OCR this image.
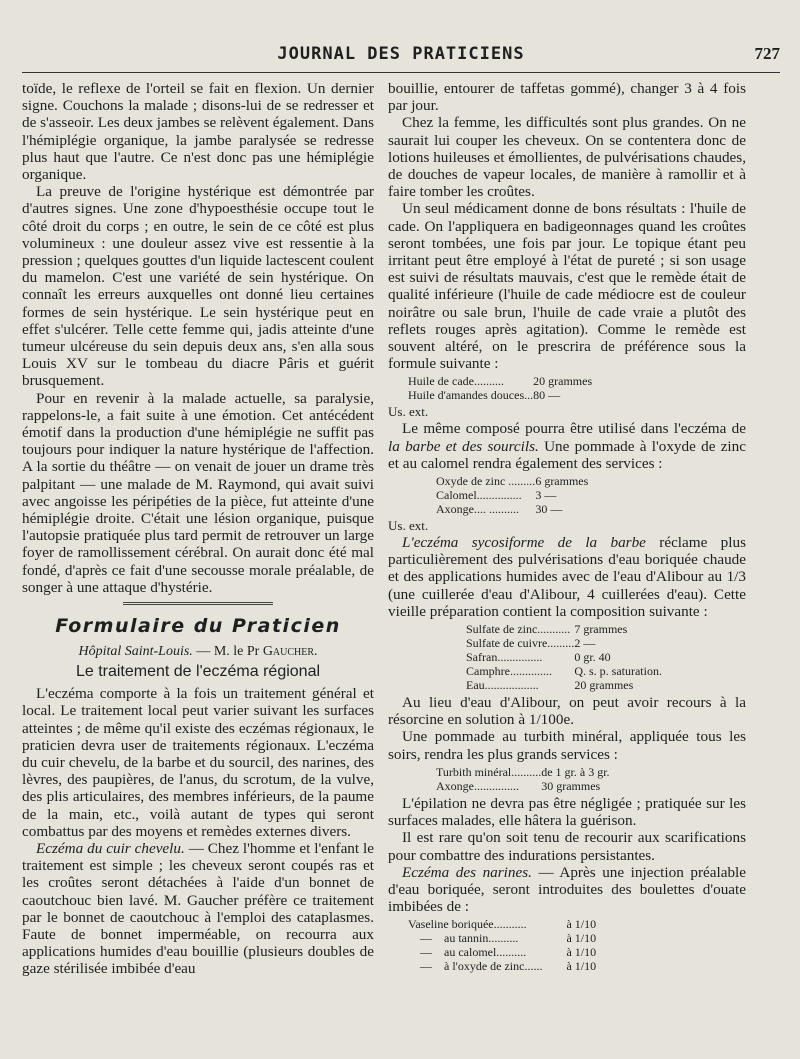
JOURNAL DES PRATICIENS	727

toïde, le reflexe de l'orteil se fait en flexion. Un dernier signe. Couchons la malade ; disons-lui de se redresser et de s'asseoir. Les deux jambes se relèvent également. Dans l'hémiplégie organique, la jambe paralysée se redresse plus haut que l'autre. Ce n'est donc pas une hémiplégie organique.

La preuve de l'origine hystérique est démontrée par d'autres signes. Une zone d'hypoesthésie occupe tout le côté droit du corps ; en outre, le sein de ce côté est plus volumineux : une douleur assez vive est ressentie à la pression ; quelques gouttes d'un liquide lactescent coulent du mamelon. C'est une variété de sein hystérique. On connaît les erreurs auxquelles ont donné lieu certaines formes de sein hystérique. Le sein hystérique peut en effet s'ulcérer. Telle cette femme qui, jadis atteinte d'une tumeur ulcéreuse du sein depuis deux ans, s'en alla sous Louis XV sur le tombeau du diacre Pâris et guérit brusquement.

Pour en revenir à la malade actuelle, sa paralysie, rappelons-le, a fait suite à une émotion. Cet antécédent émotif dans la production d'une hémiplégie ne suffit pas toujours pour indiquer la nature hystérique de l'affection. A la sortie du théâtre — on venait de jouer un drame très palpitant — une malade de M. Raymond, qui avait suivi avec angoisse les péripéties de la pièce, fut atteinte d'une hémiplégie droite. C'était une lésion organique, puisque l'autopsie pratiquée plus tard permit de retrouver un large foyer de ramollissement cérébral. On aurait donc été mal fondé, d'après ce fait d'une secousse morale préalable, de songer à une attaque d'hystérie.

Formulaire du Praticien
Hôpital Saint-Louis. — M. le Pr Gaucher.
Le traitement de l'eczéma régional

L'eczéma comporte à la fois un traitement général et local. Le traitement local peut varier suivant les surfaces atteintes ; de même qu'il existe des eczémas régionaux, le praticien devra user de traitements régionaux. L'eczéma du cuir chevelu, de la barbe et du sourcil, des narines, des lèvres, des paupières, de l'anus, du scrotum, de la vulve, des plis articulaires, des membres inférieurs, de la paume de la main, etc., voilà autant de types qui seront combattus par des moyens et remèdes externes divers.

Eczéma du cuir chevelu. — Chez l'homme et l'enfant le traitement est simple ; les cheveux seront coupés ras et les croûtes seront détachées à l'aide d'un bonnet de caoutchouc bien lavé. M. Gaucher préfère ce traitement par le bonnet de caoutchouc à l'emploi des cataplasmes. Faute de bonnet imperméable, on recourra aux applications humides d'eau bouillie (plusieurs doubles de gaze stérilisée imbibée d'eau

bouillie, entourer de taffetas gommé), changer 3 à 4 fois par jour.

Chez la femme, les difficultés sont plus grandes. On ne saurait lui couper les cheveux. On se contentera donc de lotions huileuses et émollientes, de pulvérisations chaudes, de douches de vapeur locales, de manière à ramollir et à faire tomber les croûtes.

Un seul médicament donne de bons résultats : l'huile de cade. On l'appliquera en badigeonnages quand les croûtes seront tombées, une fois par jour. Le topique étant peu irritant peut être employé à l'état de pureté ; si son usage est suivi de résultats mauvais, c'est que le remède était de qualité inférieure (l'huile de cade médiocre est de couleur noirâtre ou sale brun, l'huile de cade vraie a plutôt des reflets rouges après agitation). Comme le remède est souvent altéré, on le prescrira de préférence sous la formule suivante :

Huile de cade..........	20 grammes
Huile d'amandes douces...	80 —

Us. ext.

Le même composé pourra être utilisé dans l'eczéma de la barbe et des sourcils. Une pommade à l'oxyde de zinc et au calomel rendra également des services :

Oxyde de zinc .........	6 grammes
Calomel...............	3 —
Axonge.... ..........	30 —

Us. ext.

L'eczéma sycosiforme de la barbe réclame plus particulièrement des pulvérisations d'eau boriquée chaude et des applications humides avec de l'eau d'Alibour au 1/3 (une cuillerée d'eau d'Alibour, 4 cuillerées d'eau). Cette vieille préparation contient la composition suivante :

Sulfate de zinc...........	7 grammes
Sulfate de cuivre.........	2 —
Safran...............	0 gr. 40
Camphre..............	Q. s. p. saturation.
Eau..................	20 grammes

Au lieu d'eau d'Alibour, on peut avoir recours à la résorcine en solution à 1/100e.

Une pommade au turbith minéral, appliquée tous les soirs, rendra les plus grands services :

Turbith minéral..........	de 1 gr. à 3 gr.
Axonge...............	30 grammes

L'épilation ne devra pas être négligée ; pratiquée sur les surfaces malades, elle hâtera la guérison.

Il est rare qu'on soit tenu de recourir aux scarifications pour combattre des indurations persistantes.

Eczéma des narines. — Après une injection préalable d'eau boriquée, seront introduites des boulettes d'ouate imbibées de :

Vaseline boriquée...........	à 1/10
—    au tannin..........	à 1/10
—    au calomel..........	à 1/10
—    à l'oxyde de zinc......	à 1/10
